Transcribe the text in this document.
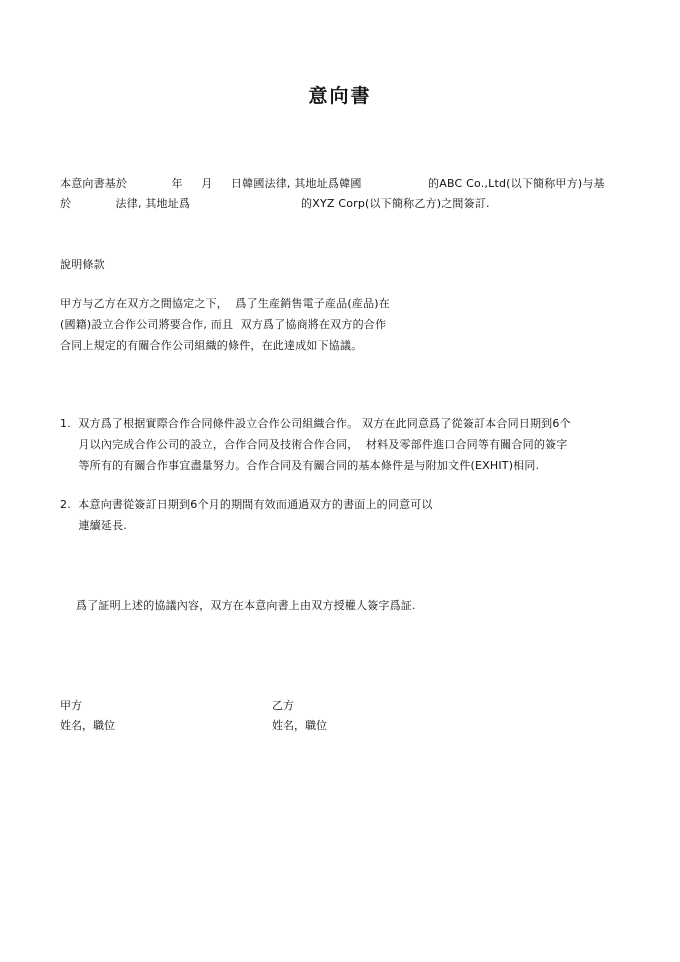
意向書
本意向書基於            年     月     日韓國法律, 其地址爲韓國                  的ABC Co.,Ltd(以下簡称甲方)与基
於            法律, 其地址爲                              的XYZ Corp(以下簡称乙方)之間簽訂.
說明條款
甲方与乙方在双方之間協定之下，  爲了生産銷售電子産品(産品)在
(國籍)設立合作公司將要合作, 而且  双方爲了協商將在双方的合作
合同上規定的有關合作公司組織的條件，在此達成如下協議。
1.  双方爲了根据實際合作合同條件設立合作公司組織合作。 双方在此同意爲了從簽訂本合同日期到6个
月以內完成合作公司的設立，合作合同及技術合作合同，  材料及零部件進口合同等有關合同的簽字
等所有的有關合作事宜盡量努力。合作合同及有關合同的基本條件是与附加文件(EXHIT)相同.
2.  本意向書從簽訂日期到6个月的期間有效而通過双方的書面上的同意可以
連續延長.
爲了証明上述的協議內容，双方在本意向書上由双方授權人簽字爲証.
甲方
姓名，職位
乙方
姓名，職位
